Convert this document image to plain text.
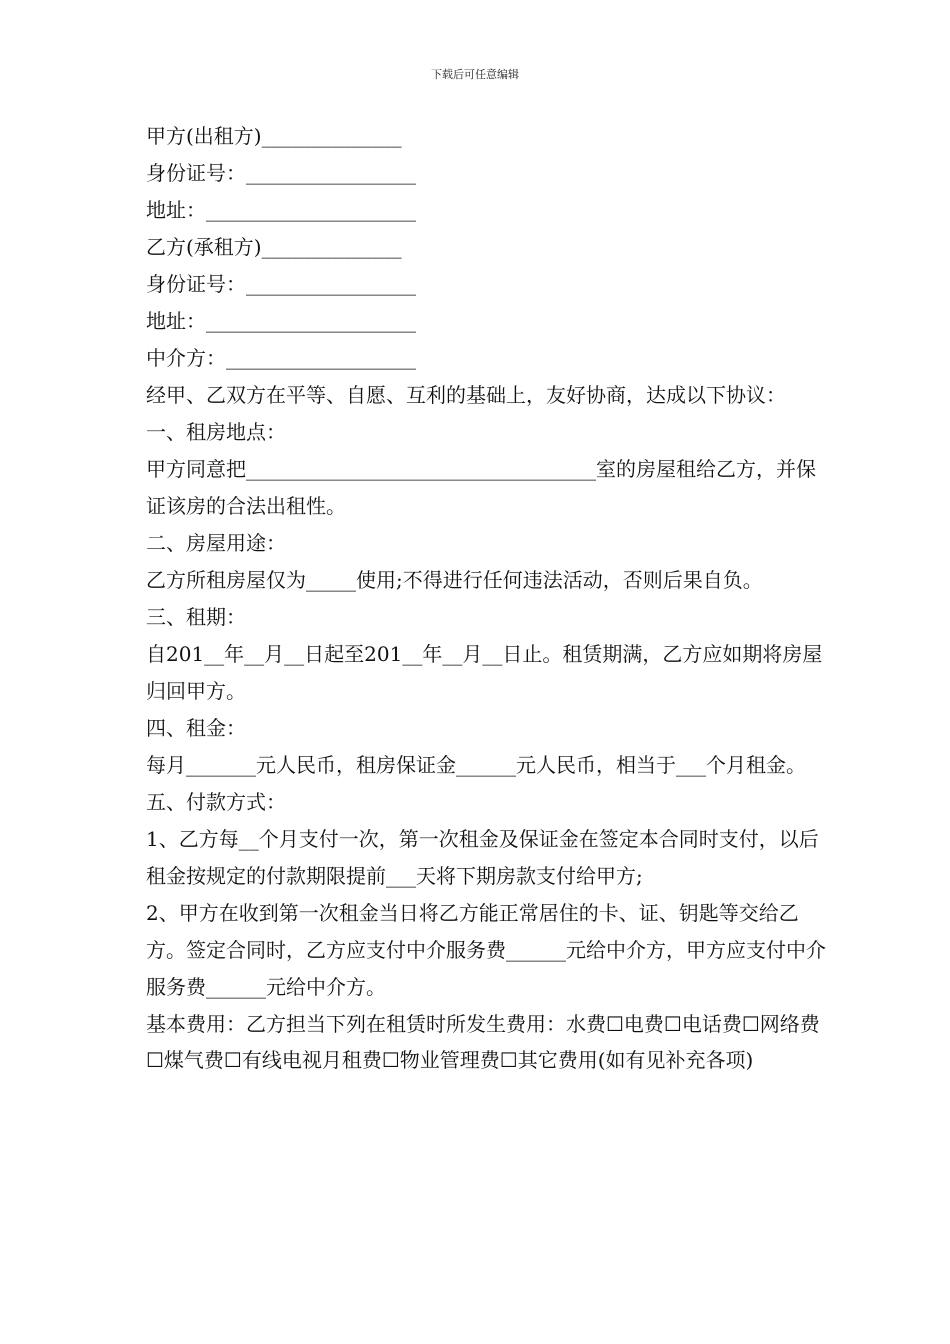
下载后可任意编辑
甲方(出租方)______________
身份证号：_________________
地址：_____________________
乙方(承租方)______________
身份证号：_________________
地址：_____________________
中介方：___________________
经甲、乙双方在平等、自愿、互利的基础上，友好协商，达成以下协议：
一、租房地点：
甲方同意把___________________________________室的房屋租给乙方，并保证该房的合法出租性。
二、房屋用途：
乙方所租房屋仅为_____使用;不得进行任何违法活动，否则后果自负。
三、租期：
自201__年__月__日起至201__年__月__日止。租赁期满，乙方应如期将房屋归回甲方。
四、租金：
每月_______元人民币，租房保证金______元人民币，相当于___个月租金。
五、付款方式：
1、乙方每__个月支付一次，第一次租金及保证金在签定本合同时支付，以后租金按规定的付款期限提前___天将下期房款支付给甲方;
2、甲方在收到第一次租金当日将乙方能正常居住的卡、证、钥匙等交给乙方。签定合同时，乙方应支付中介服务费______元给中介方，甲方应支付中介服务费______元给中介方。
基本费用：乙方担当下列在租赁时所发生费用：水费☐电费☐电话费☐网络费☐煤气费☐有线电视月租费☐物业管理费☐其它费用(如有见补充各项)
